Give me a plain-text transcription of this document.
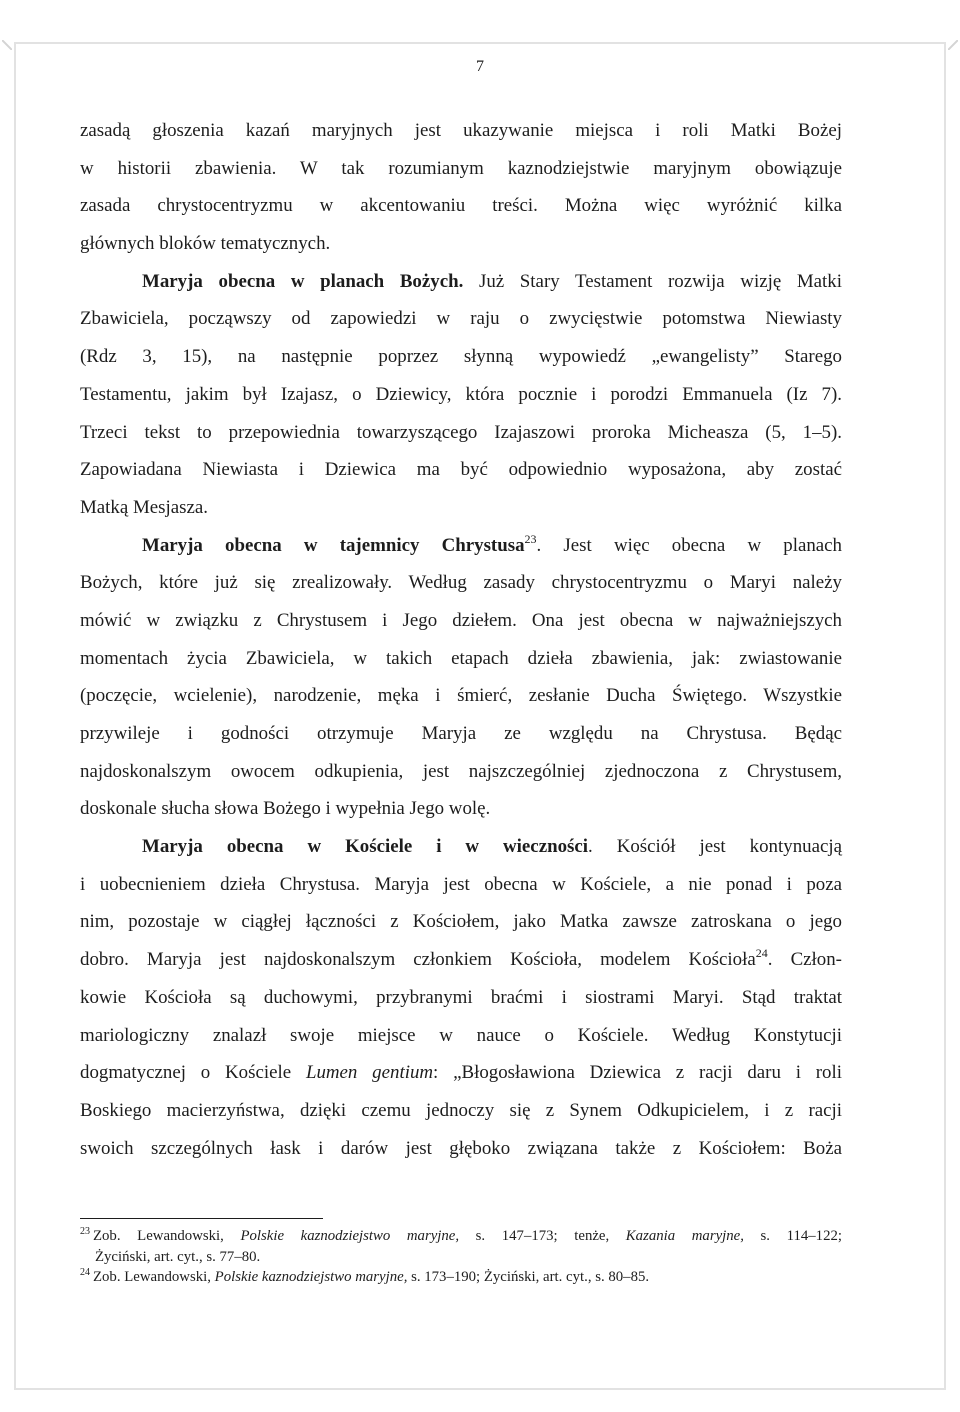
7
zasadą głoszenia kazań maryjnych jest ukazywanie miejsca i roli Matki Bożej
w historii zbawienia. W tak rozumianym kaznodziejstwie maryjnym obowiązuje
zasada chrystocentryzmu w akcentowaniu treści. Można więc wyróżnić kilka
głównych bloków tematycznych.
Maryja obecna w planach Bożych. Już Stary Testament rozwija wizję Matki
Zbawiciela, począwszy od zapowiedzi w raju o zwycięstwie potomstwa Niewiasty
(Rdz 3, 15), na następnie poprzez słynną wypowiedź „ewangelisty” Starego
Testamentu, jakim był Izajasz, o Dziewicy, która pocznie i porodzi Emmanuela (Iz 7).
Trzeci tekst to przepowiednia towarzyszącego Izajaszowi proroka Micheasza (5, 1–5).
Zapowiadana Niewiasta i Dziewica ma być odpowiednio wyposażona, aby zostać
Matką Mesjasza.
Maryja obecna w tajemnicy Chrystusa$^{23}$. Jest więc obecna w planach
Bożych, które już się zrealizowały. Według zasady chrystocentryzmu o Maryi należy
mówić w związku z Chrystusem i Jego dziełem. Ona jest obecna w najważniejszych
momentach życia Zbawiciela, w takich etapach dzieła zbawienia, jak: zwiastowanie
(poczęcie, wcielenie), narodzenie, męka i śmierć, zesłanie Ducha Świętego. Wszystkie
przywileje i godności otrzymuje Maryja ze względu na Chrystusa. Będąc
najdoskonalszym owocem odkupienia, jest najszczególniej zjednoczona z Chrystusem,
doskonale słucha słowa Bożego i wypełnia Jego wolę.
Maryja obecna w Kościele i w wieczności. Kościół jest kontynuacją
i uobecnieniem dzieła Chrystusa. Maryja jest obecna w Kościele, a nie ponad i poza
nim, pozostaje w ciągłej łączności z Kościołem, jako Matka zawsze zatroskana o jego
dobro. Maryja jest najdoskonalszym członkiem Kościoła, modelem Kościoła$^{24}$. Człon-
kowie Kościoła są duchowymi, przybranymi braćmi i siostrami Maryi. Stąd traktat
mariologiczny znalazł swoje miejsce w nauce o Kościele. Według Konstytucji
dogmatycznej o Kościele Lumen gentium: „Błogosławiona Dziewica z racji daru i roli
Boskiego macierzyństwa, dzięki czemu jednoczy się z Synem Odkupicielem, i z racji
swoich szczególnych łask i darów jest głęboko związana także z Kościołem: Boża
$^{23}$ Zob. Lewandowski, Polskie kaznodziejstwo maryjne, s. 147–173; tenże, Kazania maryjne, s. 114–122;
Życiński, art. cyt., s. 77–80.
$^{24}$ Zob. Lewandowski, Polskie kaznodziejstwo maryjne, s. 173–190; Życiński, art. cyt., s. 80–85.
